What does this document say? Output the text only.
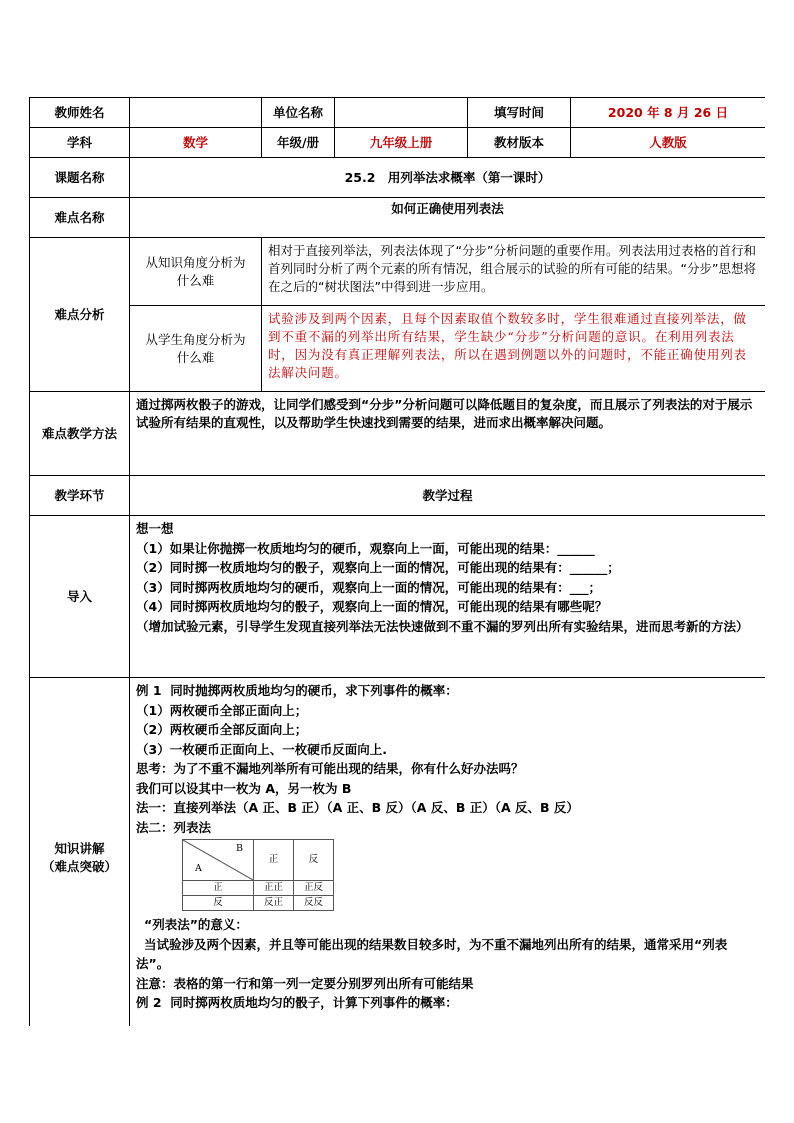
教师姓名		单位名称		填写时间	2020 年 8 月 26 日
学科	数学	年级/册	九年级上册	教材版本	人教版
课题名称	25.2　用列举法求概率（第一课时）
难点名称	如何正确使用列表法
难点分析	从知识角度分析为什么难	相对于直接列举法，列表法体现了“分步”分析问题的重要作用。列表法用过表格的首行和首列同时分析了两个元素的所有情况，组合展示的试验的所有可能的结果。“分步”思想将在之后的“树状图法”中得到进一步应用。
从学生角度分析为什么难	试验涉及到两个因素，且每个因素取值个数较多时，学生很难通过直接列举法，做到不重不漏的列举出所有结果，学生缺少“分步”分析问题的意识。在利用列表法时，因为没有真正理解列表法，所以在遇到例题以外的问题时，不能正确使用列表法解决问题。
难点教学方法	通过掷两枚骰子的游戏，让同学们感受到“分步”分析问题可以降低题目的复杂度，而且展示了列表法的对于展示试验所有结果的直观性，以及帮助学生快速找到需要的结果，进而求出概率解决问题。
教学环节	教学过程
导入	
想一想
（1）如果让你抛掷一枚质地均匀的硬币，观察向上一面，可能出现的结果：______
（2）同时掷一枚质地均匀的骰子，观察向上一面的情况，可能出现的结果有：______；
（3）同时掷两枚质地均匀的硬币，观察向上一面的情况，可能出现的结果有：___；
（4）同时掷两枚质地均匀的骰子，观察向上一面的情况，可能出现的结果有哪些呢？
（增加试验元素，引导学生发现直接列举法无法快速做到不重不漏的罗列出所有实验结果，进而思考新的方法）

知识讲解
（难点突破）

例 1  同时抛掷两枚质地均匀的硬币，求下列事件的概率：
（1）两枚硬币全部正面向上；
（2）两枚硬币全部反面向上；
（3）一枚硬币正面向上、一枚硬币反面向上.
思考：为了不重不漏地列举所有可能出现的结果，你有什么好办法吗？
我们可以设其中一枚为 A，另一枚为 B
法一：直接列举法（A 正、B 正）（A 正、B 反）（A 反、B 正）（A 反、B 反）
法二：列表法
B
A
	正	反
正	正正	正反
反	反正	反反
“列表法”的意义：
当试验涉及两个因素，并且等可能出现的结果数目较多时，为不重不漏地列出所有的结果，通常采用“列表法”。
注意：表格的第一行和第一列一定要分别罗列出所有可能结果
例 2  同时掷两枚质地均匀的骰子，计算下列事件的概率：
